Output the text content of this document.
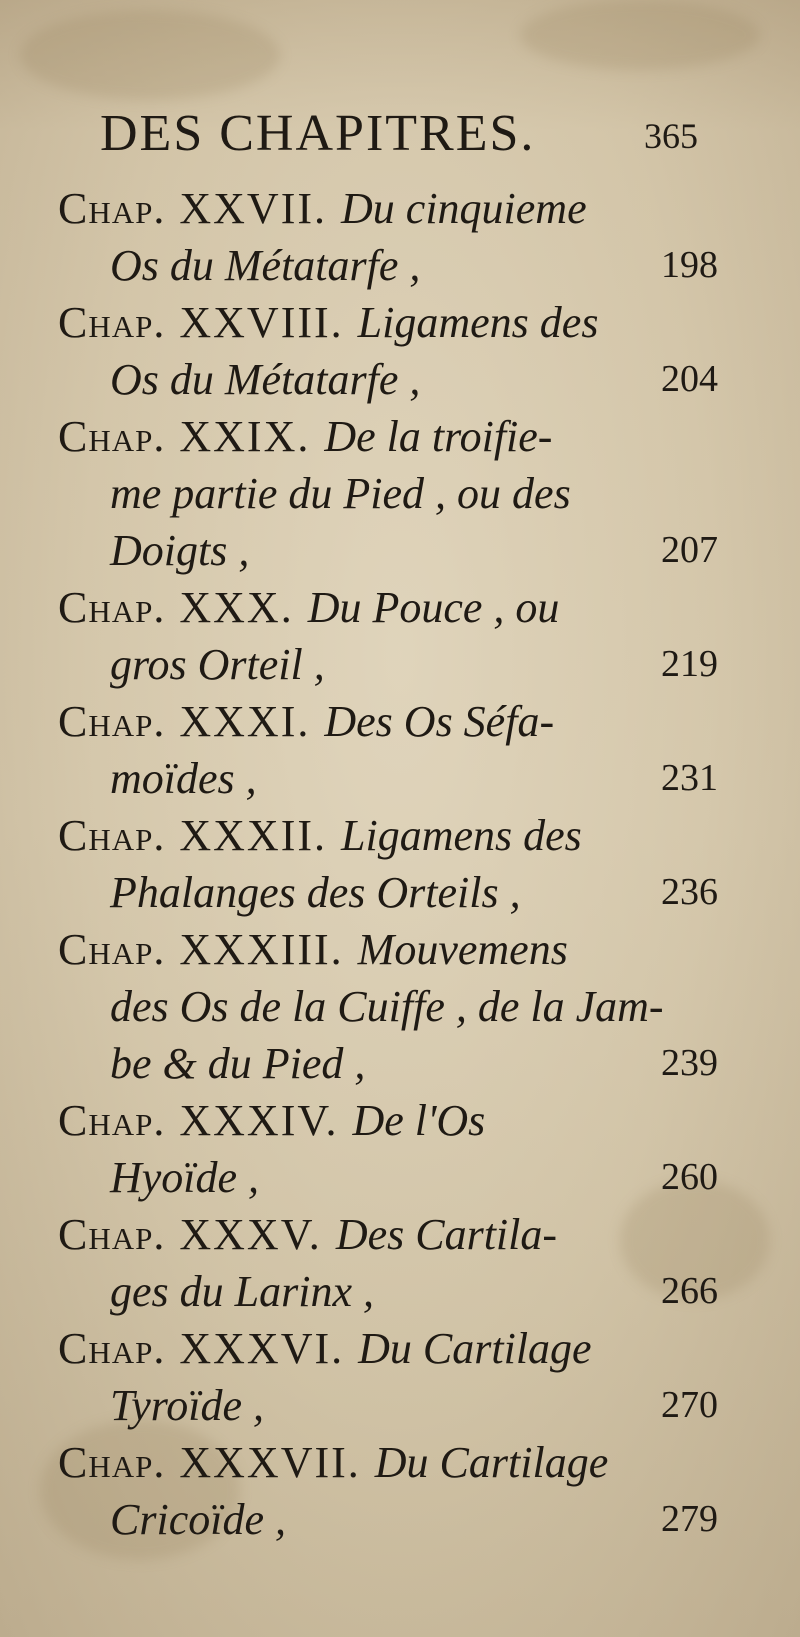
DES CHAPITRES.	365
Chap. XXVII. Du cinquieme
Os du Métatarfe ,	198
Chap. XXVIII. Ligamens des
Os du Métatarfe ,	204
Chap. XXIX. De la troifie-
me partie du Pied , ou des
Doigts ,	207
Chap. XXX. Du Pouce , ou
gros Orteil ,	219
Chap. XXXI. Des Os Séfa-
moïdes ,	231
Chap. XXXII. Ligamens des
Phalanges des Orteils ,	236
Chap. XXXIII. Mouvemens
des Os de la Cuiffe , de la Jam-
be & du Pied ,	239
Chap. XXXIV. De l'Os
Hyoïde ,	260
Chap. XXXV. Des Cartila-
ges du Larinx ,	266
Chap. XXXVI. Du Cartilage
Tyroïde ,	270
Chap. XXXVII. Du Cartilage
Cricoïde ,	279
